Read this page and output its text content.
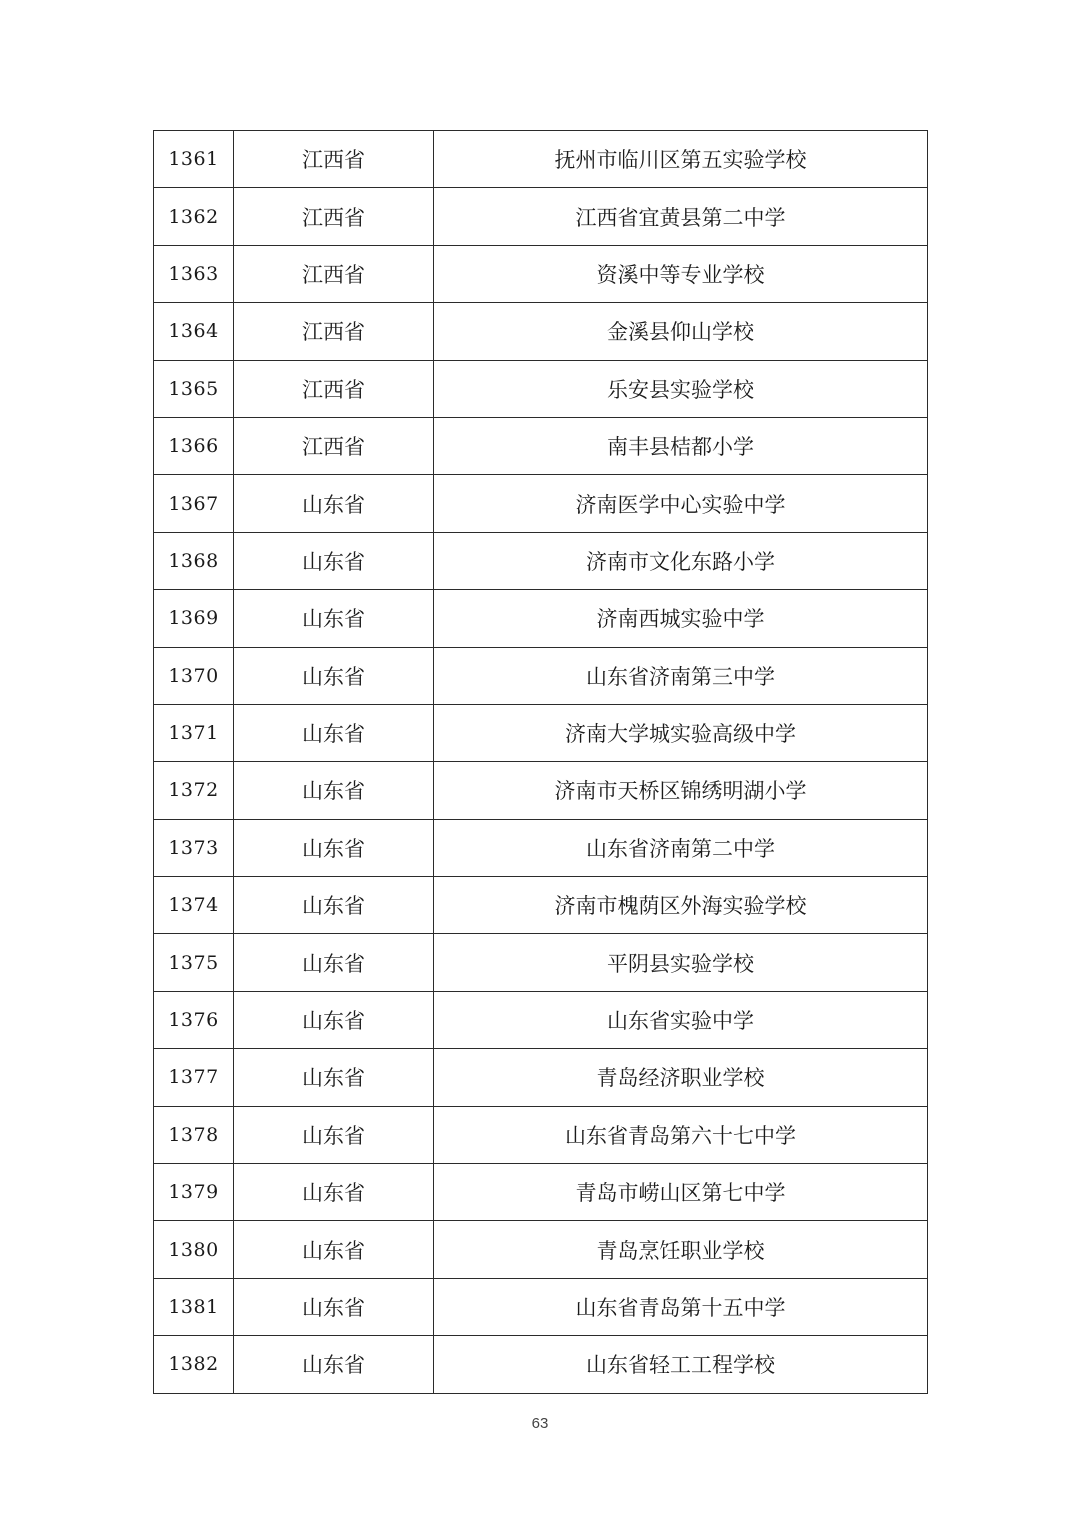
1361	江西省	抚州市临川区第五实验学校
1362	江西省	江西省宜黄县第二中学
1363	江西省	资溪中等专业学校
1364	江西省	金溪县仰山学校
1365	江西省	乐安县实验学校
1366	江西省	南丰县桔都小学
1367	山东省	济南医学中心实验中学
1368	山东省	济南市文化东路小学
1369	山东省	济南西城实验中学
1370	山东省	山东省济南第三中学
1371	山东省	济南大学城实验高级中学
1372	山东省	济南市天桥区锦绣明湖小学
1373	山东省	山东省济南第二中学
1374	山东省	济南市槐荫区外海实验学校
1375	山东省	平阴县实验学校
1376	山东省	山东省实验中学
1377	山东省	青岛经济职业学校
1378	山东省	山东省青岛第六十七中学
1379	山东省	青岛市崂山区第七中学
1380	山东省	青岛烹饪职业学校
1381	山东省	山东省青岛第十五中学
1382	山东省	山东省轻工工程学校
63
